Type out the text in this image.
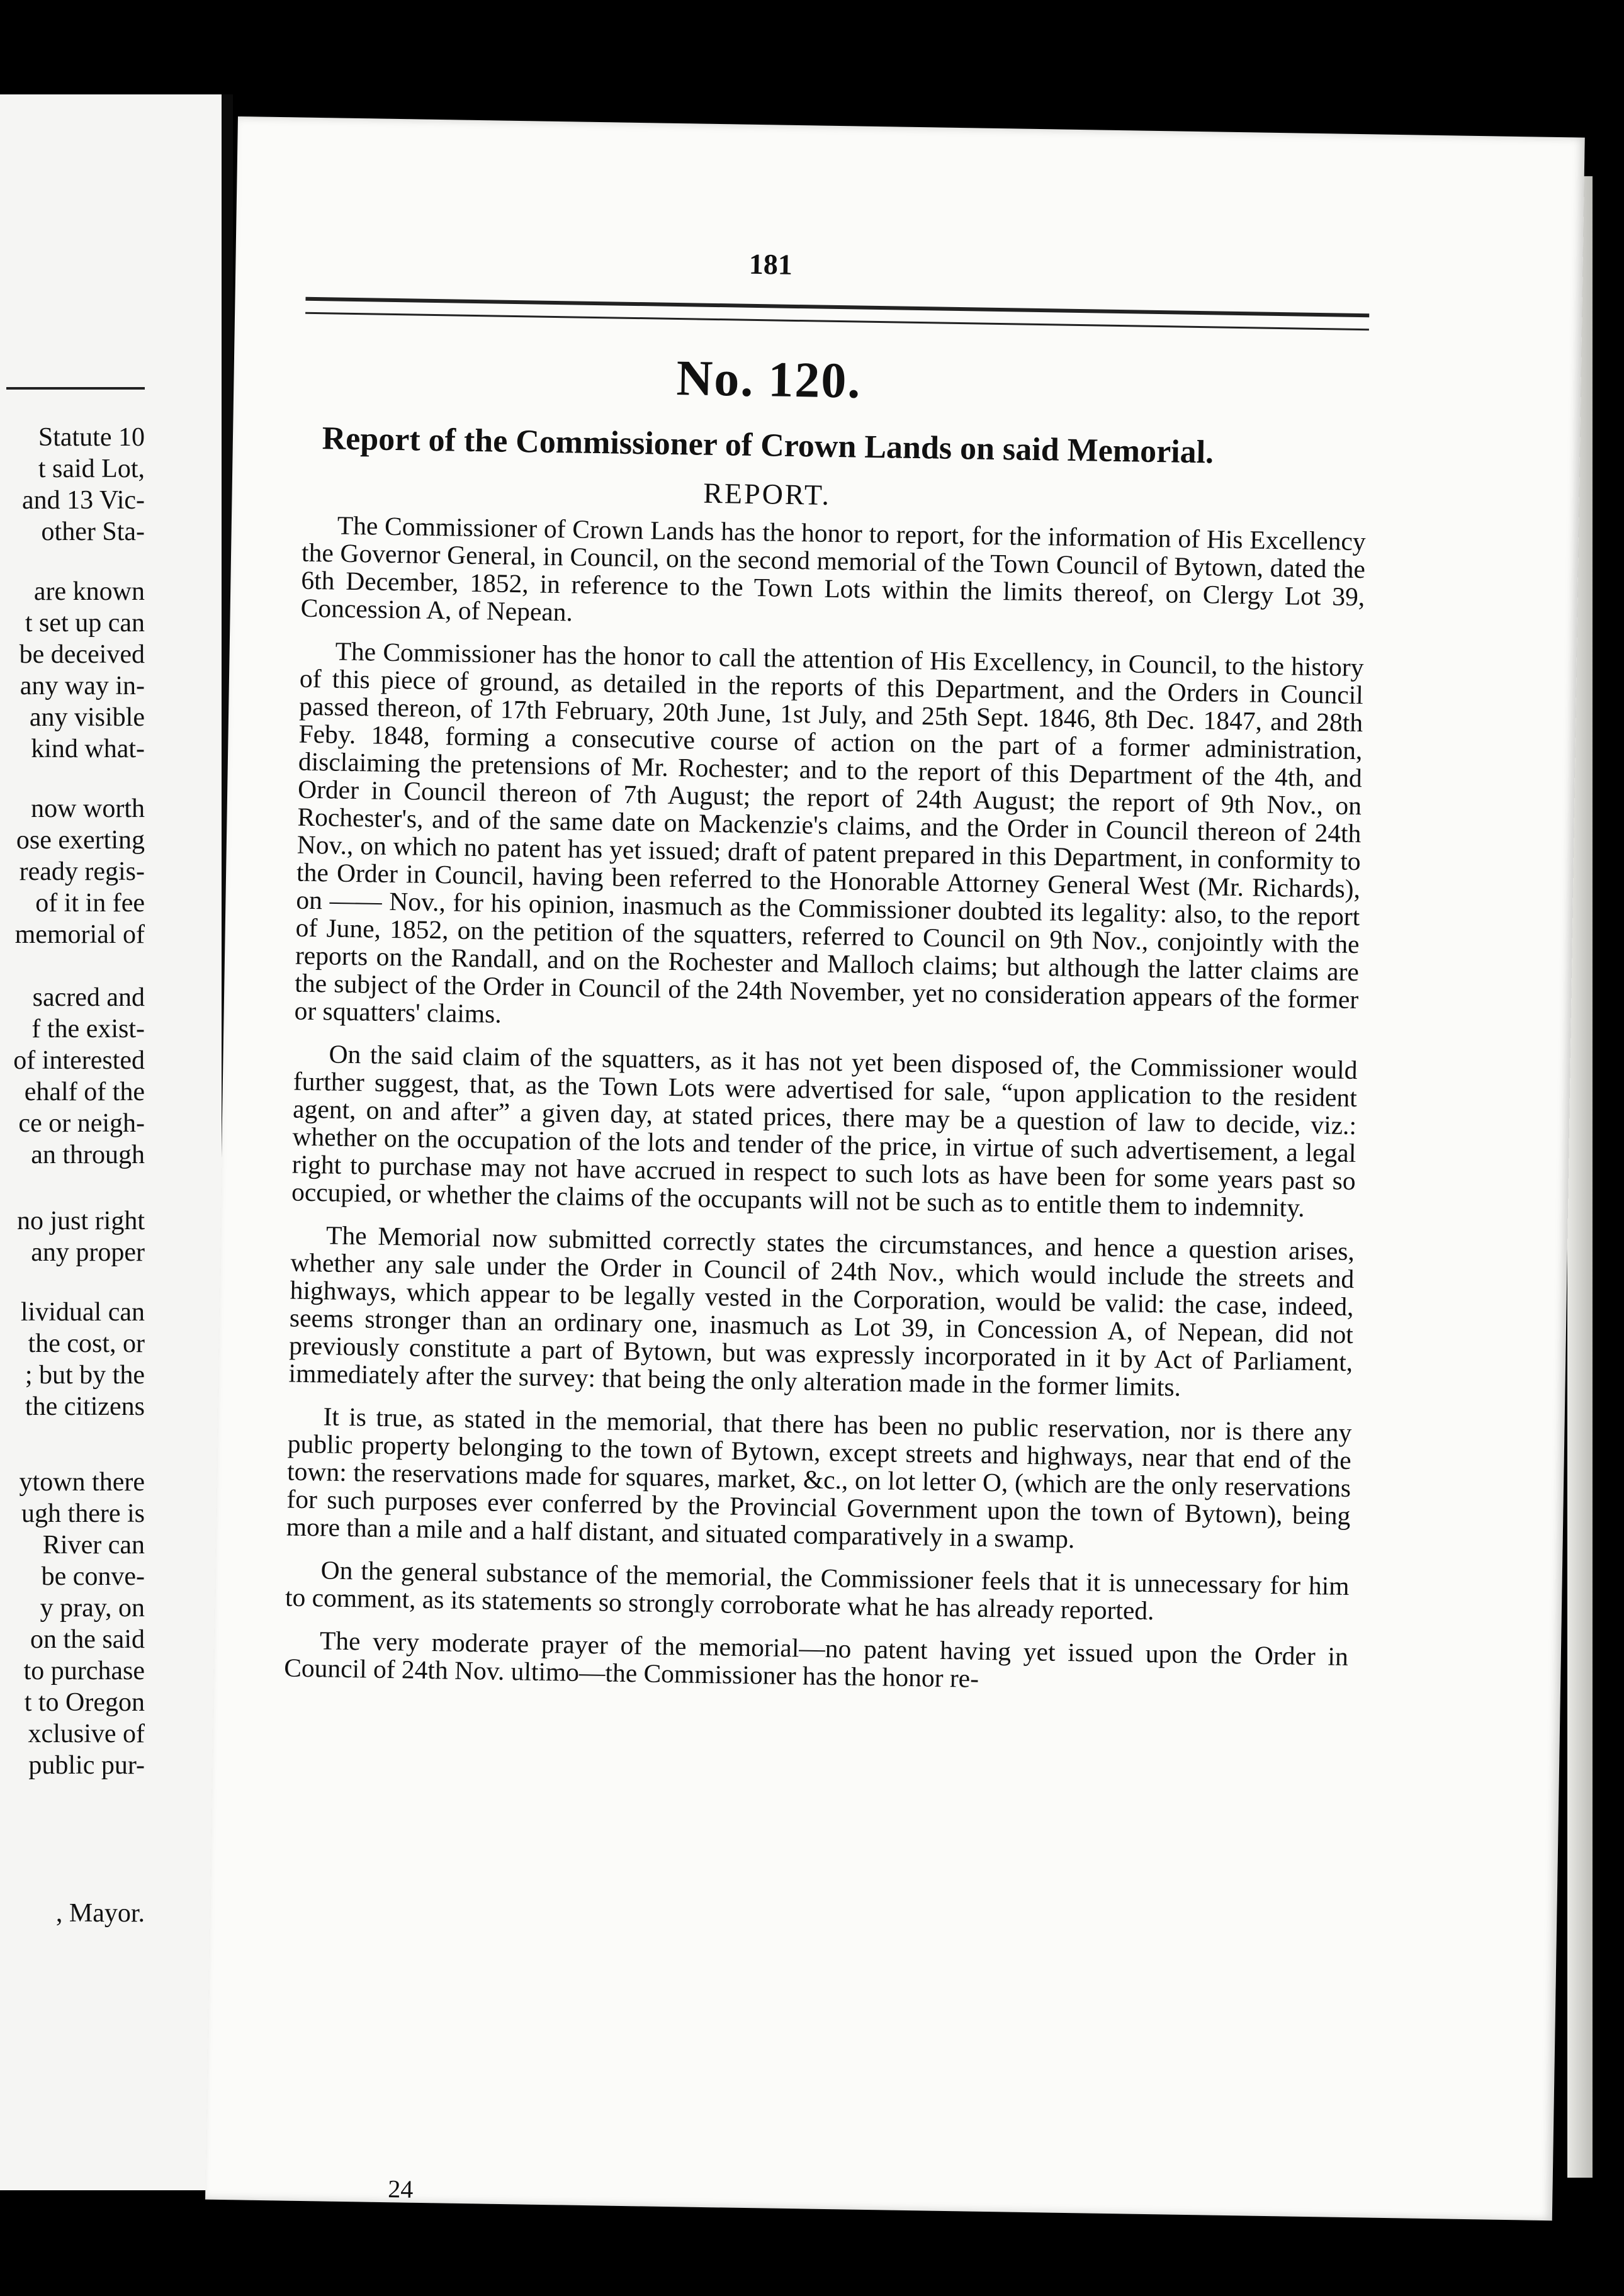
Statute 10
t said Lot,
and 13 Vic-
other Sta-
are known
t set up can
be deceived
any way in-
any visible
kind what-
now worth
ose exerting
ready regis-
of it in fee
memorial of
sacred and
f the exist-
of interested
ehalf of the
ce or neigh-
an through
no just right
any proper
lividual can
the cost, or
; but by the
the citizens
ytown there
ugh there is
River can
be conve-
y pray, on
on the said
to purchase
t to Oregon
xclusive of
public pur-
, Mayor.
181
No. 120.
Report of the Commissioner of Crown Lands on said Memorial.
REPORT.

The Commissioner of Crown Lands has the honor to report, for the information of His Excellency the Governor General, in Council, on the second memorial of the Town Council of Bytown, dated the 6th December, 1852, in reference to the Town Lots within the limits thereof, on Clergy Lot 39, Concession A, of Nepean.

The Commissioner has the honor to call the attention of His Excellency, in Council, to the history of this piece of ground, as detailed in the reports of this Department, and the Orders in Council passed thereon, of 17th February, 20th June, 1st July, and 25th Sept. 1846, 8th Dec. 1847, and 28th Feby. 1848, forming a consecutive course of action on the part of a former administration, disclaiming the pretensions of Mr. Rochester; and to the report of this Department of the 4th, and Order in Council thereon of 7th August; the report of 24th August; the report of 9th Nov., on Rochester's, and of the same date on Mackenzie's claims, and the Order in Council thereon of 24th Nov., on which no patent has yet issued; draft of patent prepared in this Department, in conformity to the Order in Council, having been referred to the Honorable Attorney General West (Mr. Richards), on —— Nov., for his opinion, inasmuch as the Commissioner doubted its legality: also, to the report of June, 1852, on the petition of the squatters, referred to Council on 9th Nov., conjointly with the reports on the Randall, and on the Rochester and Malloch claims; but although the latter claims are the subject of the Order in Council of the 24th November, yet no consideration appears of the former or squatters' claims.

On the said claim of the squatters, as it has not yet been disposed of, the Commissioner would further suggest, that, as the Town Lots were advertised for sale, “upon application to the resident agent, on and after” a given day, at stated prices, there may be a question of law to decide, viz.: whether on the occupation of the lots and tender of the price, in virtue of such advertisement, a legal right to purchase may not have accrued in respect to such lots as have been for some years past so occupied, or whether the claims of the occupants will not be such as to entitle them to indemnity.

The Memorial now submitted correctly states the circumstances, and hence a question arises, whether any sale under the Order in Council of 24th Nov., which would include the streets and highways, which appear to be legally vested in the Corporation, would be valid: the case, indeed, seems stronger than an ordinary one, inasmuch as Lot 39, in Concession A, of Nepean, did not previously constitute a part of Bytown, but was expressly incorporated in it by Act of Parliament, immediately after the survey: that being the only alteration made in the former limits.

It is true, as stated in the memorial, that there has been no public reservation, nor is there any public property belonging to the town of Bytown, except streets and highways, near that end of the town: the reservations made for squares, market, &c., on lot letter O, (which are the only reservations for such purposes ever conferred by the Provincial Government upon the town of Bytown), being more than a mile and a half distant, and situated comparatively in a swamp.

On the general substance of the memorial, the Commissioner feels that it is unnecessary for him to comment, as its statements so strongly corroborate what he has already reported.

The very moderate prayer of the memorial—no patent having yet issued upon the Order in Council of 24th Nov. ultimo—the Commissioner has the honor re-

24
